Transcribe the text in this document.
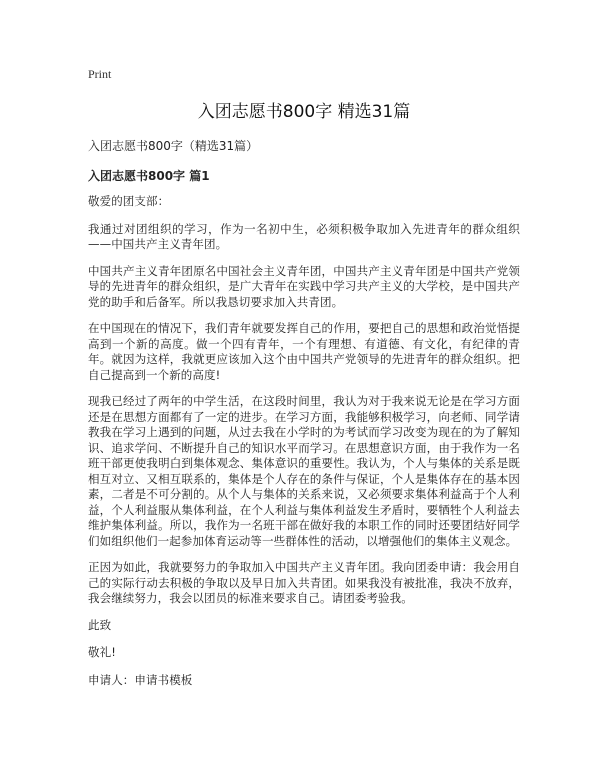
Print

入团志愿书800字 精选31篇

入团志愿书800字（精选31篇）

入团志愿书800字 篇1

敬爱的团支部：

我通过对团组织的学习，作为一名初中生，必须积极争取加入先进青年的群众组织——中国共产主义青年团。

中国共产主义青年团原名中国社会主义青年团，中国共产主义青年团是中国共产党领导的先进青年的群众组织，是广大青年在实践中学习共产主义的大学校，是中国共产党的助手和后备军。所以我恳切要求加入共青团。

在中国现在的情况下，我们青年就要发挥自己的作用，要把自己的思想和政治觉悟提高到一个新的高度。做一个四有青年，一个有理想、有道德、有文化，有纪律的青年。就因为这样，我就更应该加入这个由中国共产党领导的先进青年的群众组织。把自己提高到一个新的高度!

现我已经过了两年的中学生活，在这段时间里，我认为对于我来说无论是在学习方面还是在思想方面都有了一定的进步。在学习方面，我能够积极学习，向老师、同学请教我在学习上遇到的问题，从过去我在小学时的为考试而学习改变为现在的为了解知识、追求学问、不断提升自己的知识水平而学习。在思想意识方面，由于我作为一名班干部更使我明白到集体观念、集体意识的重要性。我认为，个人与集体的关系是既相互对立、又相互联系的，集体是个人存在的条件与保证，个人是集体存在的基本因素，二者是不可分割的。从个人与集体的关系来说，又必须要求集体利益高于个人利益，个人利益服从集体利益，在个人利益与集体利益发生矛盾时，要牺牲个人利益去维护集体利益。所以，我作为一名班干部在做好我的本职工作的同时还要团结好同学们如组织他们一起参加体育运动等一些群体性的活动，以增强他们的集体主义观念。

正因为如此，我就要努力的争取加入中国共产主义青年团。我向团委申请：我会用自己的实际行动去积极的争取以及早日加入共青团。如果我没有被批准，我决不放弃，我会继续努力，我会以团员的标准来要求自己。请团委考验我。

此致

敬礼!

申请人：申请书模板
